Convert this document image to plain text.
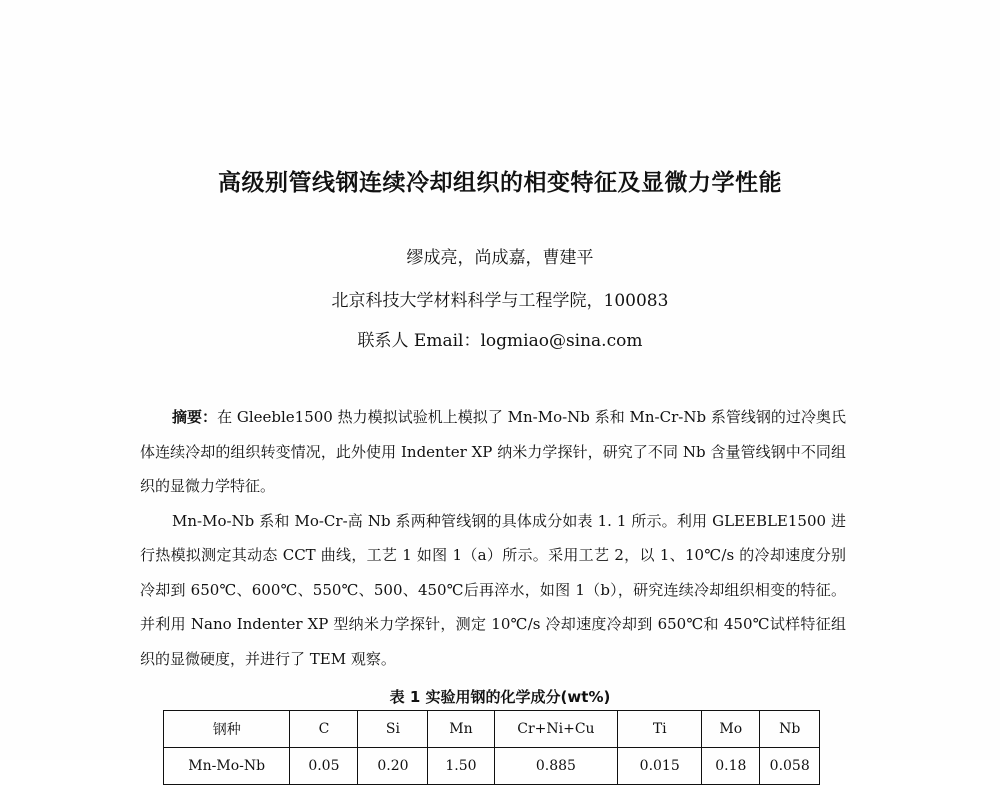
高级别管线钢连续冷却组织的相变特征及显微力学性能
缪成亮，尚成嘉，曹建平
北京科技大学材料科学与工程学院，100083
联系人 Email：logmiao@sina.com

摘要：在 Gleeble1500 热力模拟试验机上模拟了 Mn-Mo-Nb 系和 Mn-Cr-Nb 系管线钢的过冷奥氏体连续冷却的组织转变情况，此外使用 Indenter XP 纳米力学探针，研究了不同 Nb 含量管线钢中不同组织的显微力学特征。

Mn-Mo-Nb 系和 Mo-Cr-高 Nb 系两种管线钢的具体成分如表 1. 1 所示。利用 GLEEBLE1500 进行热模拟测定其动态 CCT 曲线，工艺 1 如图 1（a）所示。采用工艺 2，以 1、10℃/s 的冷却速度分别冷却到 650℃、600℃、550℃、500、450℃后再淬水，如图 1（b），研究连续冷却组织相变的特征。并利用 Nano Indenter XP 型纳米力学探针，测定 10℃/s 冷却速度冷却到 650℃和 450℃试样特征组织的显微硬度，并进行了 TEM 观察。

表 1 实验用钢的化学成分(wt%)
钢种	C	Si	Mn	Cr+Ni+Cu	Ti	Mo	Nb
Mn-Mo-Nb	0.05	0.20	1.50	0.885	0.015	0.18	0.058
